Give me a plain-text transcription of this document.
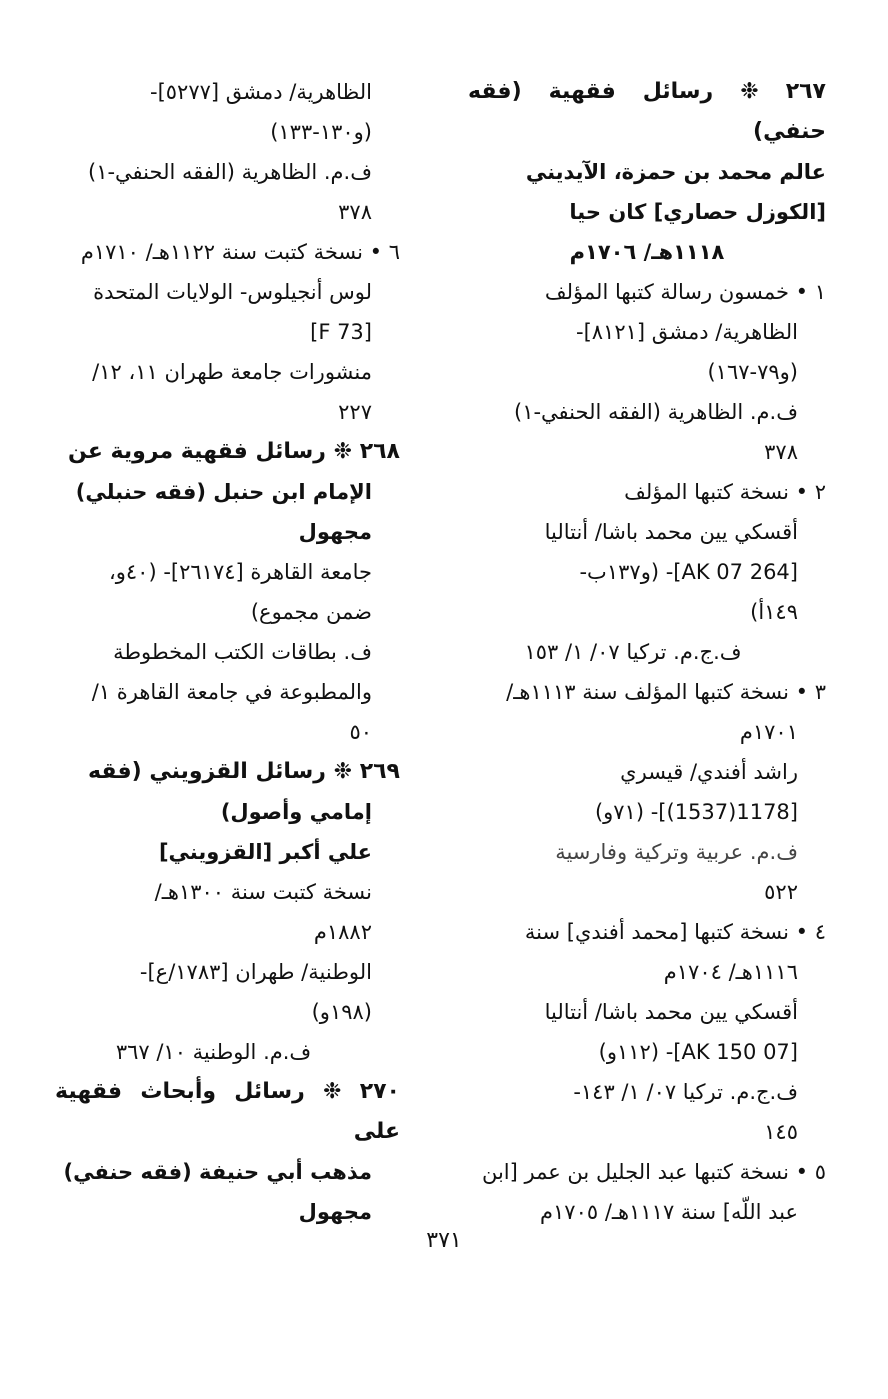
٢٦٧ ❉ رسائل فقهية (فقه حنفي)

عالم محمد بن حمزة، الآيديني

[الكوزل حصاري] كان حيا

١١١٨هـ/ ١٧٠٦م

١ • خمسون رسالة كتبها المؤلف

الظاهرية/ دمشق [٨١٢١]-

(و٧٩-١٦٧)

ف.م. الظاهرية (الفقه الحنفي-١)

٣٧٨

٢ • نسخة كتبها المؤلف

أقسكي يين محمد باشا/ أنتاليا

[264 AK 07]- (و١٣٧ب-

١٤٩أ)

ف.ج.م. تركيا ٠٧/ ١/ ١٥٣

٣ • نسخة كتبها المؤلف سنة ١١١٣هـ/

١٧٠١م

راشد أفندي/ قيسري

[1178(1537)]- (٧١و)

ف.م. عربية وتركية وفارسية

٥٢٢

٤ • نسخة كتبها [محمد أفندي] سنة

١١١٦هـ/ ١٧٠٤م

أقسكي يين محمد باشا/ أنتاليا

[07 AK 150]- (١١٢و)

ف.ج.م. تركيا ٠٧/ ١/ ١٤٣-

١٤٥

٥ • نسخة كتبها عبد الجليل بن عمر [ابن

عبد اللّه] سنة ١١١٧هـ/ ١٧٠٥م

الظاهرية/ دمشق [٥٢٧٧]-

(و١٣٠-١٣٣)

ف.م. الظاهرية (الفقه الحنفي-١)

٣٧٨

٦ • نسخة كتبت سنة ١١٢٢هـ/ ١٧١٠م

لوس أنجيلوس- الولايات المتحدة

[F 73]

منشورات جامعة طهران ١١، ١٢/

٢٢٧

٢٦٨ ❉ رسائل فقهية مروية عن

الإمام ابن حنبل (فقه حنبلي)

مجهول

جامعة القاهرة [٢٦١٧٤]- (٤٠و،

ضمن مجموع)

ف. بطاقات الكتب المخطوطة

والمطبوعة في جامعة القاهرة ١/

٥٠

٢٦٩ ❉ رسائل القزويني (فقه

إمامي وأصول)

علي أكبر [القزويني]

نسخة كتبت سنة ١٣٠٠هـ/

١٨٨٢م

الوطنية/ طهران [١٧٨٣/ع]-

(١٩٨و)

ف.م. الوطنية ١٠/ ٣٦٧

٢٧٠ ❉ رسائل وأبحاث فقهية على

مذهب أبي حنيفة (فقه حنفي)

مجهول

٣٧١
